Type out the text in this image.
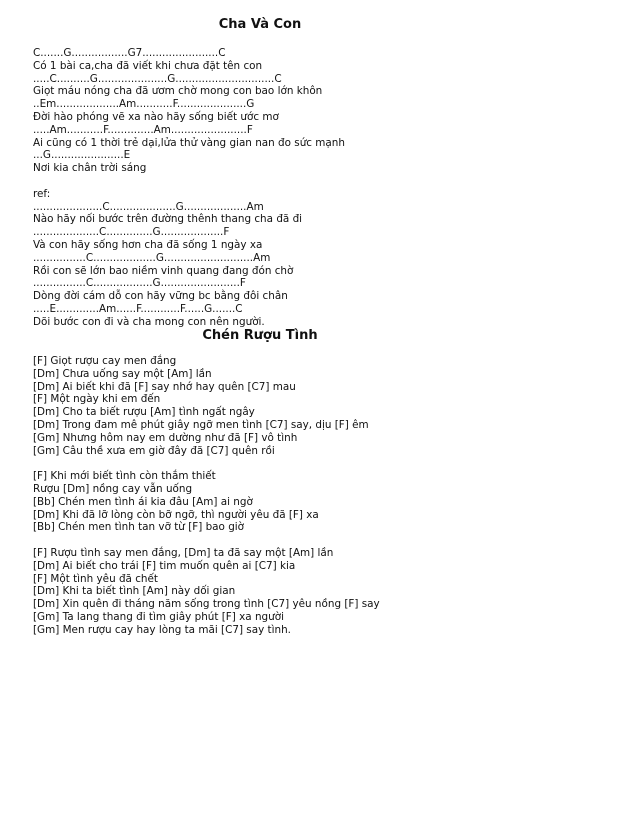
Cha Và Con
C.......G.................G7.......................C
Có 1 bài ca,cha đã viết khi chưa đặt tên con
.....C..........G.....................G..............................C
Giọt máu nóng cha đã ươm chờ mong con bao lớn khôn
..Em...................Am...........F.....................G
Đời hào phóng vẽ xa nào hãy sống biết ước mơ
.....Am...........F..............Am.......................F
Ai cũng có 1 thời trẻ dại,lửa thử vàng gian nan đo sức mạnh
...G......................E
Nơi kia chân trời sáng
ref:
.....................C....................G...................Am
Nào hãy nối bước trên đường thênh thang cha đã đi
....................C..............G...................F
Và con hãy sống hơn cha đã sống 1 ngày xa
................C...................G...........................Am
Rồi con sẽ lớn bao niềm vinh quang đang đón chờ
................C..................G........................F
Dòng đời cám dỗ con hãy vững bc bằng đôi chân
.....E.............Am......F............F......G.......C
Dõi bước con đi và cha mong con nên người.
Chén Rượu Tình
[F] Giọt rượu cay men đắng
[Dm] Chưa uống say một [Am] lần
[Dm] Ai biết khi đã [F] say nhớ hay quên [C7] mau
[F] Một ngày khi em đến
[Dm] Cho ta biết rượu [Am] tình ngất ngây
[Dm] Trong đam mê phút giây ngỡ men tình [C7] say, dịu [F] êm
[Gm] Nhưng hôm nay em dường như đã [F] vô tình
[Gm] Câu thề xưa em giờ đây đã [C7] quên rồi
[F] Khi mới biết tình còn thắm thiết
Rượu [Dm] nồng cay vẫn uống
[Bb] Chén men tình ái kia đâu [Am] ai ngờ
[Dm] Khi đã lỡ lòng còn bỡ ngỡ, thì người yêu đã [F] xa
[Bb] Chén men tình tan vỡ từ [F] bao giờ
[F] Rượu tình say men đắng, [Dm] ta đã say một [Am] lần
[Dm] Ai biết cho trái [F] tim muốn quên ai [C7] kia
[F] Một tình yêu đã chết
[Dm] Khi ta biết tình [Am] này dối gian
[Dm] Xin quên đi tháng năm sống trong tình [C7] yêu nồng [F] say
[Gm] Ta lang thang đi tìm giây phút [F] xa người
[Gm] Men rượu cay hay lòng ta mãi [C7] say tình.
